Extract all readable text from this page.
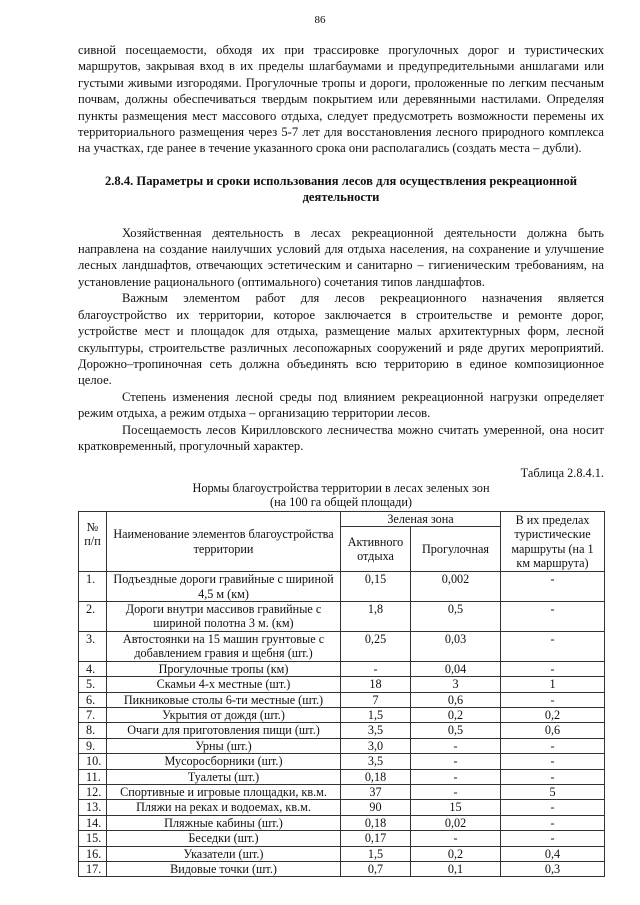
86

сивной посещаемости, обходя их при трассировке прогулочных дорог и туристических маршрутов, закрывая вход в их пределы шлагбаумами и предупредительными аншлагами или густыми живыми изгородями. Прогулочные тропы и дороги, проложенные по легким песчаным почвам, должны обеспечиваться твердым покрытием или деревянными настилами. Определяя пункты размещения мест массового отдыха, следует предусмотреть возможности перемены их территориального размещения через 5-7 лет для восстановления лесного природного комплекса на участках, где ранее в течение указанного срока они располагались (создать места – дубли).

2.8.4. Параметры и сроки использования лесов для осуществления рекреационной деятельности

Хозяйственная деятельность в лесах рекреационной деятельности должна быть направлена на создание наилучших условий для отдыха населения, на сохранение и улучшение лесных ландшафтов, отвечающих эстетическим и санитарно – гигиеническим требованиям, на установление рационального (оптимального) сочетания типов ландшафтов.

Важным элементом работ для лесов рекреационного назначения является благоустройство их территории, которое заключается в строительстве и ремонте дорог, устройстве мест и площадок для отдыха, размещение малых архитектурных форм, лесной скульптуры, строительстве различных лесопожарных сооружений и ряде других мероприятий. Дорожно–тропиночная сеть должна объединять всю территорию в единое композиционное целое.

Степень изменения лесной среды под влиянием рекреационной нагрузки определяет режим отдыха, а режим отдыха – организацию территории лесов.

Посещаемость лесов Кирилловского лесничества можно считать умеренной, она носит кратковременный, прогулочный характер.

Таблица 2.8.4.1.
Нормы благоустройства территории в лесах зеленых зон
(на 100 га общей площади)
№ п/п	Наименование элементов благоустройства территории	Зеленая зона		В их пределах туристические маршруты (на 1 км маршрута)
		Активного отдыха	Прогулочная	
1.	Подъездные дороги гравийные с шириной 4,5 м (км)	0,15	0,002	-
2.	Дороги внутри массивов гравийные с шириной полотна 3 м. (км)	1,8	0,5	-
3.	Автостоянки на 15 машин грунтовые с добавлением гравия и щебня (шт.)	0,25	0,03	-
4.	Прогулочные тропы (км)	-	0,04	-
5.	Скамьи 4-х местные (шт.)	18	3	1
6.	Пикниковые столы 6-ти местные (шт.)	7	0,6	-
7.	Укрытия от дождя (шт.)	1,5	0,2	0,2
8.	Очаги для приготовления пищи (шт.)	3,5	0,5	0,6
9.	Урны (шт.)	3,0	-	-
10.	Мусоросборники (шт.)	3,5	-	-
11.	Туалеты (шт.)	0,18	-	-
12.	Спортивные и игровые площадки, кв.м.	37	-	5
13.	Пляжи на реках и водоемах, кв.м.	90	15	-
14.	Пляжные кабины (шт.)	0,18	0,02	-
15.	Беседки (шт.)	0,17	-	-
16.	Указатели (шт.)	1,5	0,2	0,4
17.	Видовые точки (шт.)	0,7	0,1	0,3
